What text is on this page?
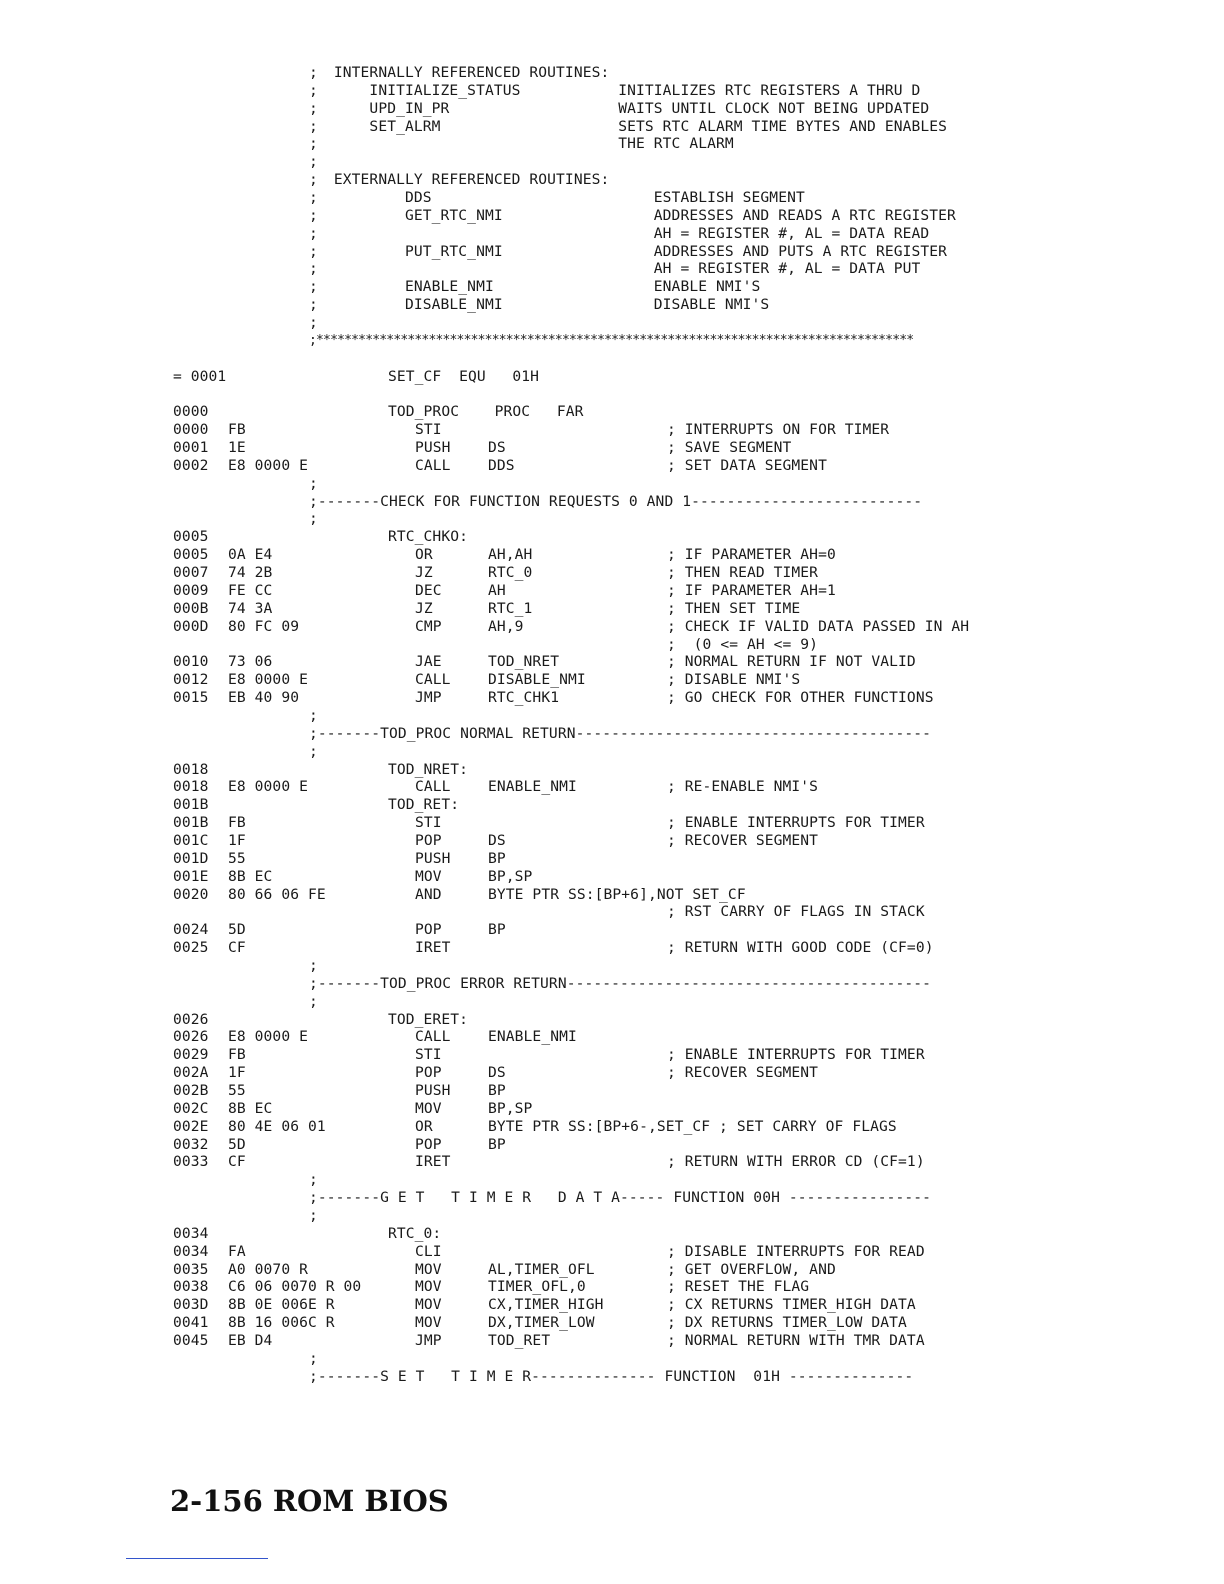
; INTERNALLY REFERENCED ROUTINES:
; INITIALIZE_STATUS           INITIALIZES RTC REGISTERS A THRU D
; UPD_IN_PR                   WAITS UNTIL CLOCK NOT BEING UPDATED
; SET_ALRM                    SETS RTC ALARM TIME BYTES AND ENABLES
; THE RTC ALARM
;
; EXTERNALLY REFERENCED ROUTINES:
; DDS                         ESTABLISH SEGMENT
; GET_RTC_NMI                 ADDRESSES AND READS A RTC REGISTER
; AH = REGISTER #, AL = DATA READ
; PUT_RTC_NMI                 ADDRESSES AND PUTS A RTC REGISTER
; AH = REGISTER #, AL = DATA PUT
; ENABLE_NMI                  ENABLE NMI'S
; DISABLE_NMI                 DISABLE NMI'S
;
;*************************************************************************************
= 0001	SET_CF  EQU   01H
0000	TOD_PROC    PROC   FAR
0000 FB	STI	; INTERRUPTS ON FOR TIMER
0001 1E	PUSH	DS	; SAVE SEGMENT
0002 E8 0000 E	CALL	DDS	; SET DATA SEGMENT
;
;-------CHECK FOR FUNCTION REQUESTS 0 AND 1--------------------------
;
0005	RTC_CHKO:
0005 0A E4	OR	AH,AH	; IF PARAMETER AH=0
0007 74 2B	JZ	RTC_0	; THEN READ TIMER
0009 FE CC	DEC	AH	; IF PARAMETER AH=1
000B 74 3A	JZ	RTC_1	; THEN SET TIME
000D 80 FC 09	CMP	AH,9	; CHECK IF VALID DATA PASSED IN AH
;  (0 <= AH <= 9)
0010 73 06	JAE	TOD_NRET	; NORMAL RETURN IF NOT VALID
0012 E8 0000 E	CALL	DISABLE_NMI	; DISABLE NMI'S
0015 EB 40 90	JMP	RTC_CHK1	; GO CHECK FOR OTHER FUNCTIONS
;
;-------TOD_PROC NORMAL RETURN----------------------------------------
;
0018	TOD_NRET:
0018 E8 0000 E	CALL	ENABLE_NMI	; RE-ENABLE NMI'S
001B	TOD_RET:
001B FB	STI	; ENABLE INTERRUPTS FOR TIMER
001C 1F	POP	DS	; RECOVER SEGMENT
001D 55	PUSH	BP
001E 8B EC	MOV	BP,SP
0020 80 66 06 FE	AND	BYTE PTR SS:[BP+6],NOT SET_CF
; RST CARRY OF FLAGS IN STACK
0024 5D	POP	BP
0025 CF	IRET	; RETURN WITH GOOD CODE (CF=0)
;
;-------TOD_PROC ERROR RETURN-----------------------------------------
;
0026	TOD_ERET:
0026 E8 0000 E	CALL	ENABLE_NMI
0029 FB	STI	; ENABLE INTERRUPTS FOR TIMER
002A 1F	POP	DS	; RECOVER SEGMENT
002B 55	PUSH	BP
002C 8B EC	MOV	BP,SP
002E 80 4E 06 01	OR	BYTE PTR SS:[BP+6-,SET_CF ; SET CARRY OF FLAGS
0032 5D	POP	BP
0033 CF	IRET	; RETURN WITH ERROR CD (CF=1)
;
;-------G E T   T I M E R   D A T A----- FUNCTION 00H ----------------
;
0034	RTC_0:
0034 FA	CLI	; DISABLE INTERRUPTS FOR READ
0035 A0 0070 R	MOV	AL,TIMER_OFL	; GET OVERFLOW, AND
0038 C6 06 0070 R 00	MOV	TIMER_OFL,0	; RESET THE FLAG
003D 8B 0E 006E R	MOV	CX,TIMER_HIGH	; CX RETURNS TIMER_HIGH DATA
0041 8B 16 006C R	MOV	DX,TIMER_LOW	; DX RETURNS TIMER_LOW DATA
0045 EB D4	JMP	TOD_RET	; NORMAL RETURN WITH TMR DATA
;
;-------S E T   T I M E R-------------- FUNCTION  01H --------------
2-156 ROM BIOS
